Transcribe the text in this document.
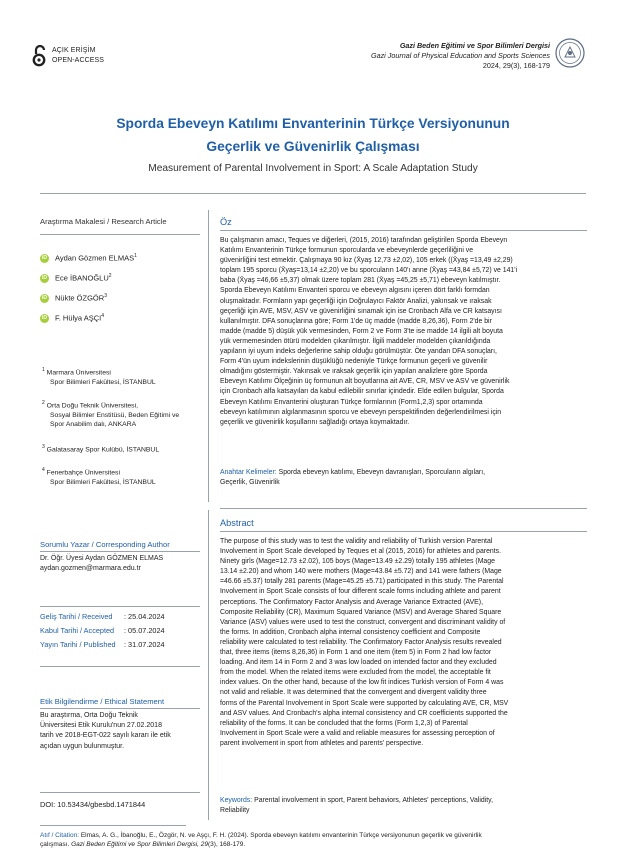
AÇIK ERİŞİM
OPEN-ACCESS
Gazi Beden Eğitimi ve Spor Bilimleri Dergisi
Gazi Journal of Physical Education and Sports Sciences
2024, 29(3), 168-179
Sporda Ebeveyn Katılımı Envanterinin Türkçe Versiyonunun
Geçerlik ve Güvenirlik Çalışması
Measurement of Parental Involvement in Sport: A Scale Adaptation Study
Araştırma Makalesi / Research Article
iD Aydan Gözmen ELMAS$^1$
iD Ece İBANOĞLU$^2$
iD Nükte ÖZGÖR$^3$
iD F. Hülya AŞÇI$^4$
$^1$ Marmara Üniversitesi
Spor Bilimleri Fakültesi, İSTANBUL
$^2$ Orta Doğu Teknik Üniversitesi,
Sosyal Bilimler Enstitüsü, Beden Eğitimi ve
Spor Anabilim dalı, ANKARA
$^3$ Galatasaray Spor Kulübü, İSTANBUL
$^4$ Fenerbahçe Üniversitesi
Spor Bilimleri Fakültesi, İSTANBUL
Sorumlu Yazar / Corresponding Author
Dr. Öğr. Üyesi Aydan GÖZMEN ELMAS
aydan.gozmen@marmara.edu.tr
Geliş Tarihi / Received : 25.04.2024
Kabul Tarihi / Accepted : 05.07.2024
Yayın Tarihi / Published : 31.07.2024
Etik Bilgilendirme / Ethical Statement
Bu araştırma, Orta Doğu Teknik
Üniversitesi Etik Kurulu'nun 27.02.2018
tarih ve 2018-EGT-022 sayılı kararı ile etik
açıdan uygun bulunmuştur.
DOI: 10.53434/gbesbd.1471844
Öz
Bu çalışmanın amacı, Teques ve diğerleri, (2015, 2016) tarafından geliştirilen Sporda Ebeveyn
Katılımı Envanterinin Türkçe formunun sporcularda ve ebeveynlerde geçerliliğini ve
güvenirliğini test etmektir. Çalışmaya 90 kız (X̄yaş 12,73 ±2,02), 105 erkek ((X̄yaş =13,49 ±2,29)
toplam 195 sporcu (X̄yaş=13,14 ±2,20) ve bu sporcuların 140'ı anne (X̄yaş =43,84 ±5,72) ve 141'i
baba (X̄yaş =46,66 ±5,37) olmak üzere toplam 281 (X̄yaş =45,25 ±5,71) ebeveyn katılmıştır.
Sporda Ebeveyn Katılımı Envanteri sporcu ve ebeveyn algısını içeren dört farklı formdan
oluşmaktadır. Formların yapı geçerliği için Doğrulayıcı Faktör Analizi, yakınsak ve ıraksak
geçerliği için AVE, MSV, ASV ve güvenirliğini sınamak için ise Cronbach Alfa ve CR katsayısı
kullanılmıştır. DFA sonuçlarına göre; Form 1'de üç madde (madde 8,26,36), Form 2'de bir
madde (madde 5) düşük yük vermesinden, Form 2 ve Form 3'te ise madde 14 ilgili alt boyuta
yük vermemesinden ötürü modelden çıkarılmıştır. İlgili maddeler modelden çıkarıldığında
yapıların iyi uyum indeks değerlerine sahip olduğu görülmüştür. Öte yandan DFA sonuçları,
Form 4'ün uyum indekslerinin düşüklüğü nedeniyle Türkçe formunun geçerli ve güvenilir
olmadığını göstermiştir. Yakınsak ve ıraksak geçerlik için yapılan analizlere göre Sporda
Ebeveyn Katılımı Ölçeğinin üç formunun alt boyutlarına ait AVE, CR, MSV ve ASV ve güvenirlik
için Cronbach alfa katsayıları da kabul edilebilir sınırlar içindedir. Elde edilen bulgular, Sporda
Ebeveyn Katılımı Envanterini oluşturan Türkçe formlarının (Form1,2,3) spor ortamında
ebeveyn katılımının algılanmasının sporcu ve ebeveyn perspektifinden değerlendirilmesi için
geçerlik ve güvenirlik koşullarını sağladığı ortaya koymaktadır.
Anahtar Kelimeler: Sporda ebeveyn katılımı, Ebeveyn davranışları, Sporcuların algıları,
Geçerlik, Güvenirlik
Abstract
The purpose of this study was to test the validity and reliability of Turkish version Parental
Involvement in Sport Scale developed by Teques et al (2015, 2016) for athletes and parents.
Ninety girls (Mage=12.73 ±2.02), 105 boys (Mage=13.49 ±2.29) totally 195 athletes (Mage
13.14 ±2.20) and whom 140 were mothers (Mage=43.84 ±5.72) and 141 were fathers (Mage
=46.66 ±5.37) totally 281 parents (Mage=45.25 ±5.71) participated in this study. The Parental
Involvement in Sport Scale consists of four different scale forms including athlete and parent
perceptions. The Confirmatory Factor Analysis and Average Variance Extracted (AVE),
Composite Reliability (CR), Maximum Squared Variance (MSV) and Average Shared Square
Variance (ASV) values were used to test the construct, convergent and discriminant validity of
the forms. In addition, Cronbach alpha internal consistency coefficient and Composite
reliability were calculated to test reliability. The Confirmatory Factor Analysis results revealed
that, three items (items 8,26,36) in Form 1 and one item (item 5) in Form 2 had low factor
loading. And item 14 in Form 2 and 3 was low loaded on intended factor and they excluded
from the model. When the related items were excluded from the model, the acceptable fit
index values. On the other hand, because of the low fit indices Turkish version of Form 4 was
not valid and reliable. It was determined that the convergent and divergent validity three
forms of the Parental Involvement in Sport Scale were supported by calculating AVE, CR, MSV
and ASV values. And Cronbach's alpha internal consistency and CR coefficients supported the
reliability of the forms. It can be concluded that the forms (Form 1,2,3) of Parental
Involvement in Sport Scale were a valid and reliable measures for assessing perception of
parent involvement in sport from athletes and parents' perspective.
Keywords: Parental involvement in sport, Parent behaviors, Athletes' perceptions, Validity,
Reliability
Atıf / Citation: Elmas, A. G., İbanoğlu, E., Özgör, N. ve Aşçı, F. H. (2024). Sporda ebeveyn katılımı envanterinin Türkçe versiyonunun geçerlik ve güvenirlik
çalışması. Gazi Beden Eğitimi ve Spor Bilimleri Dergisi, 29(3), 168-179.
